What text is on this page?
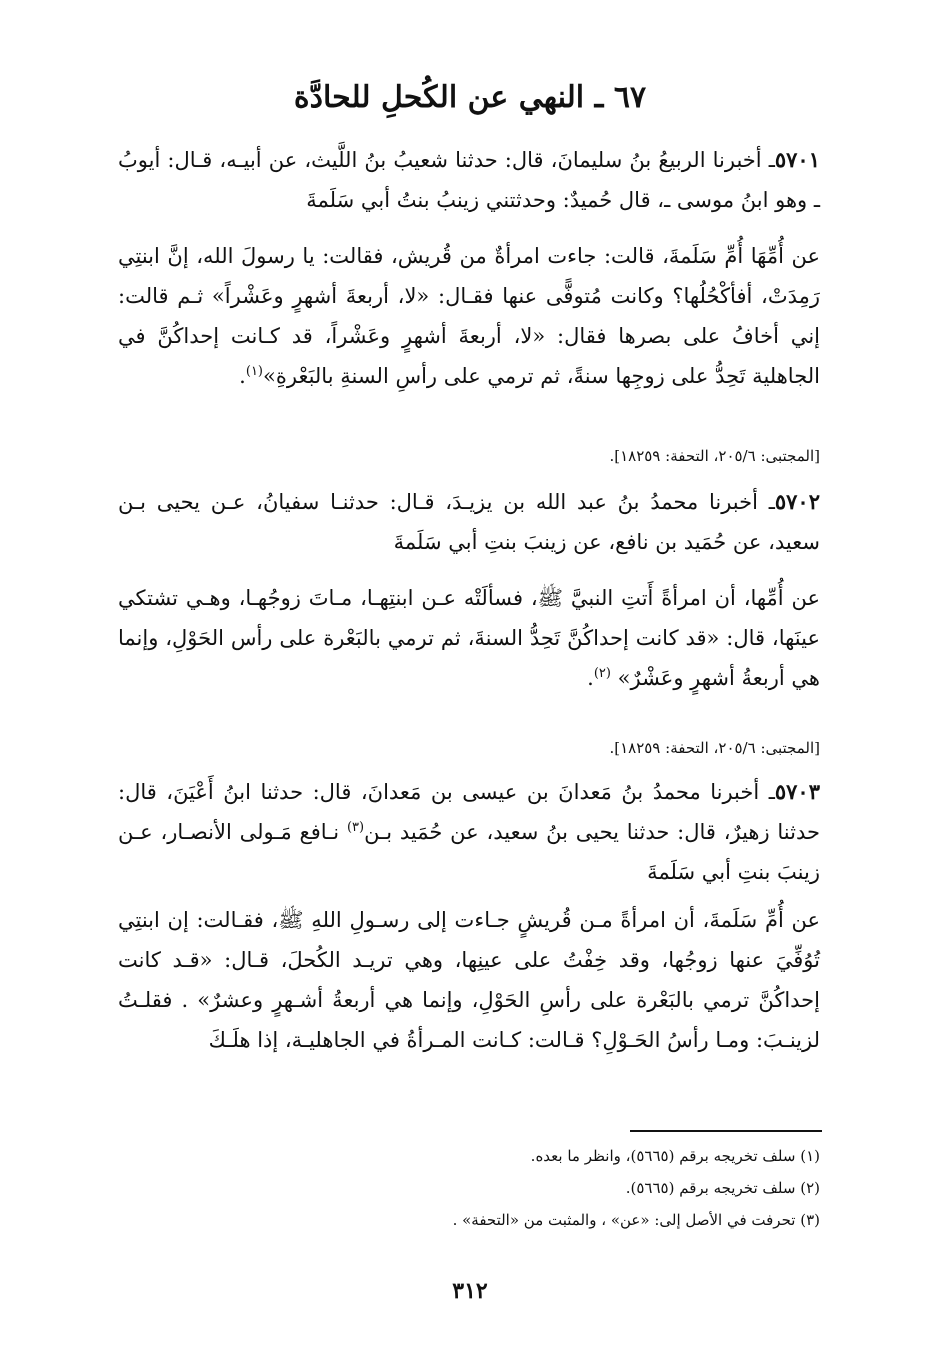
٦٧ ـ النهي عن الكُحلِ للحادَّة
٥٧٠١ـ أخبرنا الربيعُ بنُ سليمانَ، قال: حدثنا شعيبُ بنُ اللَّيث، عن أبيـه، قـال: أيوبُ ـ وهو ابنُ موسى ـ، قال حُميدٌ: وحدثتني زينبُ بنتُ أبي سَلَمةَ
عن أُمِّهَا أُمِّ سَلَمةَ، قالت: جاءت امرأةٌ من قُريش، فقالت: يا رسولَ الله، إنَّ ابنتِي رَمِدَتْ، أفأكْحُلُها؟ وكانت مُتوفًّى عنها فقـال: «لا، أربعةَ أشهرٍ وعَشْراً» ثـم قالت: إني أخافُ على بصرها فقال: «لا، أربعةَ أشهرٍ وعَشْراً، قد كـانت إحداكُنَّ في الجاهلية تَحِدُّ على زوجِها سنةً، ثم ترمي على رأسِ السنةِ بالبَعْرةِ»$^{(١)}$.
[المجتبى: ٢٠٥/٦، التحفة: ١٨٢٥٩].
٥٧٠٢ـ أخبرنا محمدُ بنُ عبد الله بن يزيـدَ، قـال: حدثنـا سفيانُ، عـن يحيى بـن سعيد، عن حُمَيد بن نافع، عن زينبَ بنتِ أبي سَلَمةَ
عن أُمِّها، أن امرأةً أَتتِ النبيَّ ﷺ، فسألَتْه عـن ابنتِهـا، مـاتَ زوجُهـا، وهـي تشتكي عينَها، قال: «قد كانت إحداكُنَّ تَحِدُّ السنةَ، ثم ترمي بالبَعْرة على رأس الحَوْلِ، وإنما هي أربعةُ أشهرٍ وعَشْرٌ» $^{(٢)}$.
[المجتبى: ٢٠٥/٦، التحفة: ١٨٢٥٩].
٥٧٠٣ـ أخبرنا محمدُ بنُ مَعدانَ بن عيسى بن مَعدانَ، قال: حدثنا ابنُ أَعْيَنَ، قال: حدثنا زهيرٌ، قال: حدثنا يحيى بنُ سعيد، عن حُمَيد بـن$^{(٣)}$ نـافع مَـولى الأنصـار، عـن زينبَ بنتِ أبي سَلَمةَ
عن أُمِّ سَلَمةَ، أن امرأةً مـن قُريشٍ جـاءت إلى رسـولِ اللهِ ﷺ، فقـالت: إن ابنتِي تُوُفِّيَ عنها زوجُها، وقد خِفْتُ على عينِها، وهي تريـد الكُحلَ، قـال: «قـد كانت إحداكُنَّ ترمي بالبَعْرة على رأسِ الحَوْلِ، وإنما هي أربعةُ أشـهرٍ وعشرٌ» . فقلـتُ لزينـبَ: ومـا رأسُ الحَـوْلِ؟ قـالت: كـانت المـرأةُ في الجاهليـة، إذا هلَـكَ
(١) سلف تخريجه برقم (٥٦٦٥)، وانظر ما بعده.
(٢) سلف تخريجه برقم (٥٦٦٥).
(٣) تحرفت في الأصل إلى: «عن» ، والمثبت من «التحفة» .
٣١٢
